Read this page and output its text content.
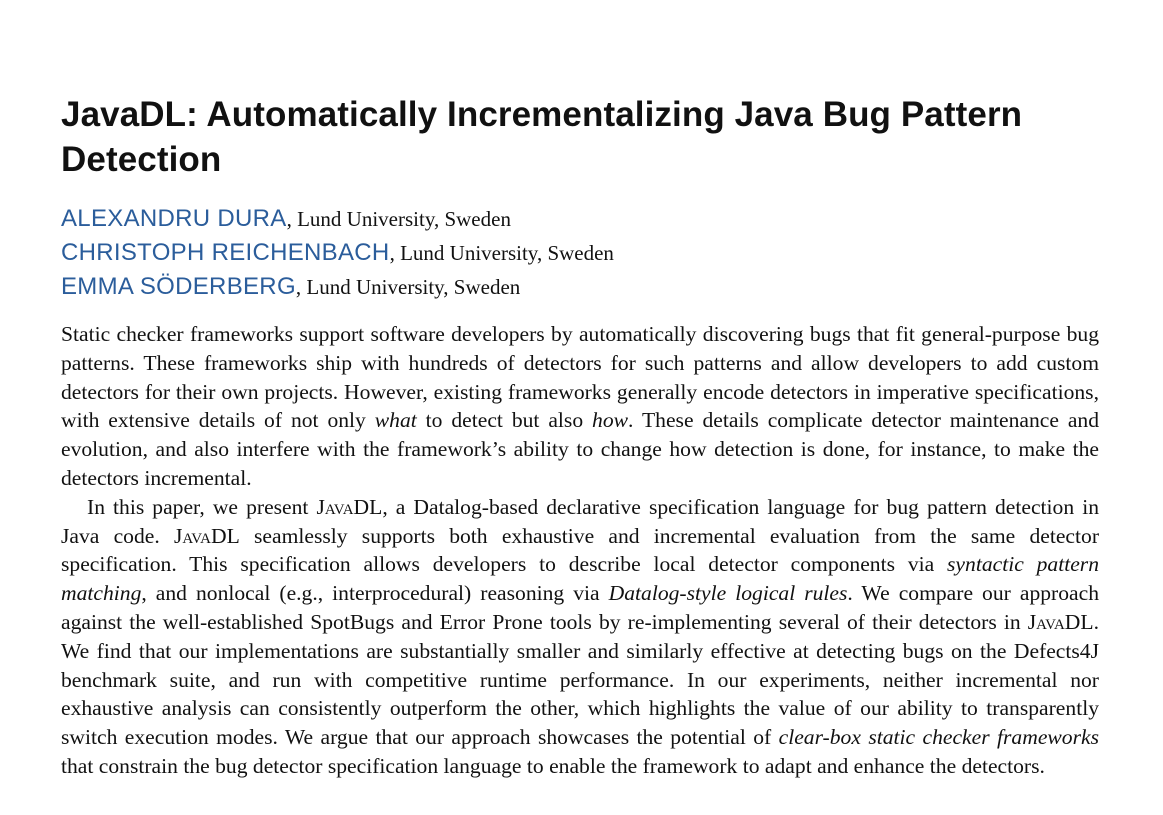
JavaDL: Automatically Incrementalizing Java Bug Pattern Detection
ALEXANDRU DURA, Lund University, Sweden
CHRISTOPH REICHENBACH, Lund University, Sweden
EMMA SÖDERBERG, Lund University, Sweden

Static checker frameworks support software developers by automatically discovering bugs that fit general-purpose bug patterns. These frameworks ship with hundreds of detectors for such patterns and allow developers to add custom detectors for their own projects. However, existing frameworks generally encode detectors in imperative specifications, with extensive details of not only what to detect but also how. These details complicate detector maintenance and evolution, and also interfere with the framework’s ability to change how detection is done, for instance, to make the detectors incremental.

In this paper, we present JavaDL, a Datalog-based declarative specification language for bug pattern detection in Java code. JavaDL seamlessly supports both exhaustive and incremental evaluation from the same detector specification. This specification allows developers to describe local detector components via syntactic pattern matching, and nonlocal (e.g., interprocedural) reasoning via Datalog-style logical rules. We compare our approach against the well-established SpotBugs and Error Prone tools by re-implementing several of their detectors in JavaDL. We find that our implementations are substantially smaller and similarly effective at detecting bugs on the Defects4J benchmark suite, and run with competitive runtime performance. In our experiments, neither incremental nor exhaustive analysis can consistently outperform the other, which highlights the value of our ability to transparently switch execution modes. We argue that our approach showcases the potential of clear-box static checker frameworks that constrain the bug detector specification language to enable the framework to adapt and enhance the detectors.
